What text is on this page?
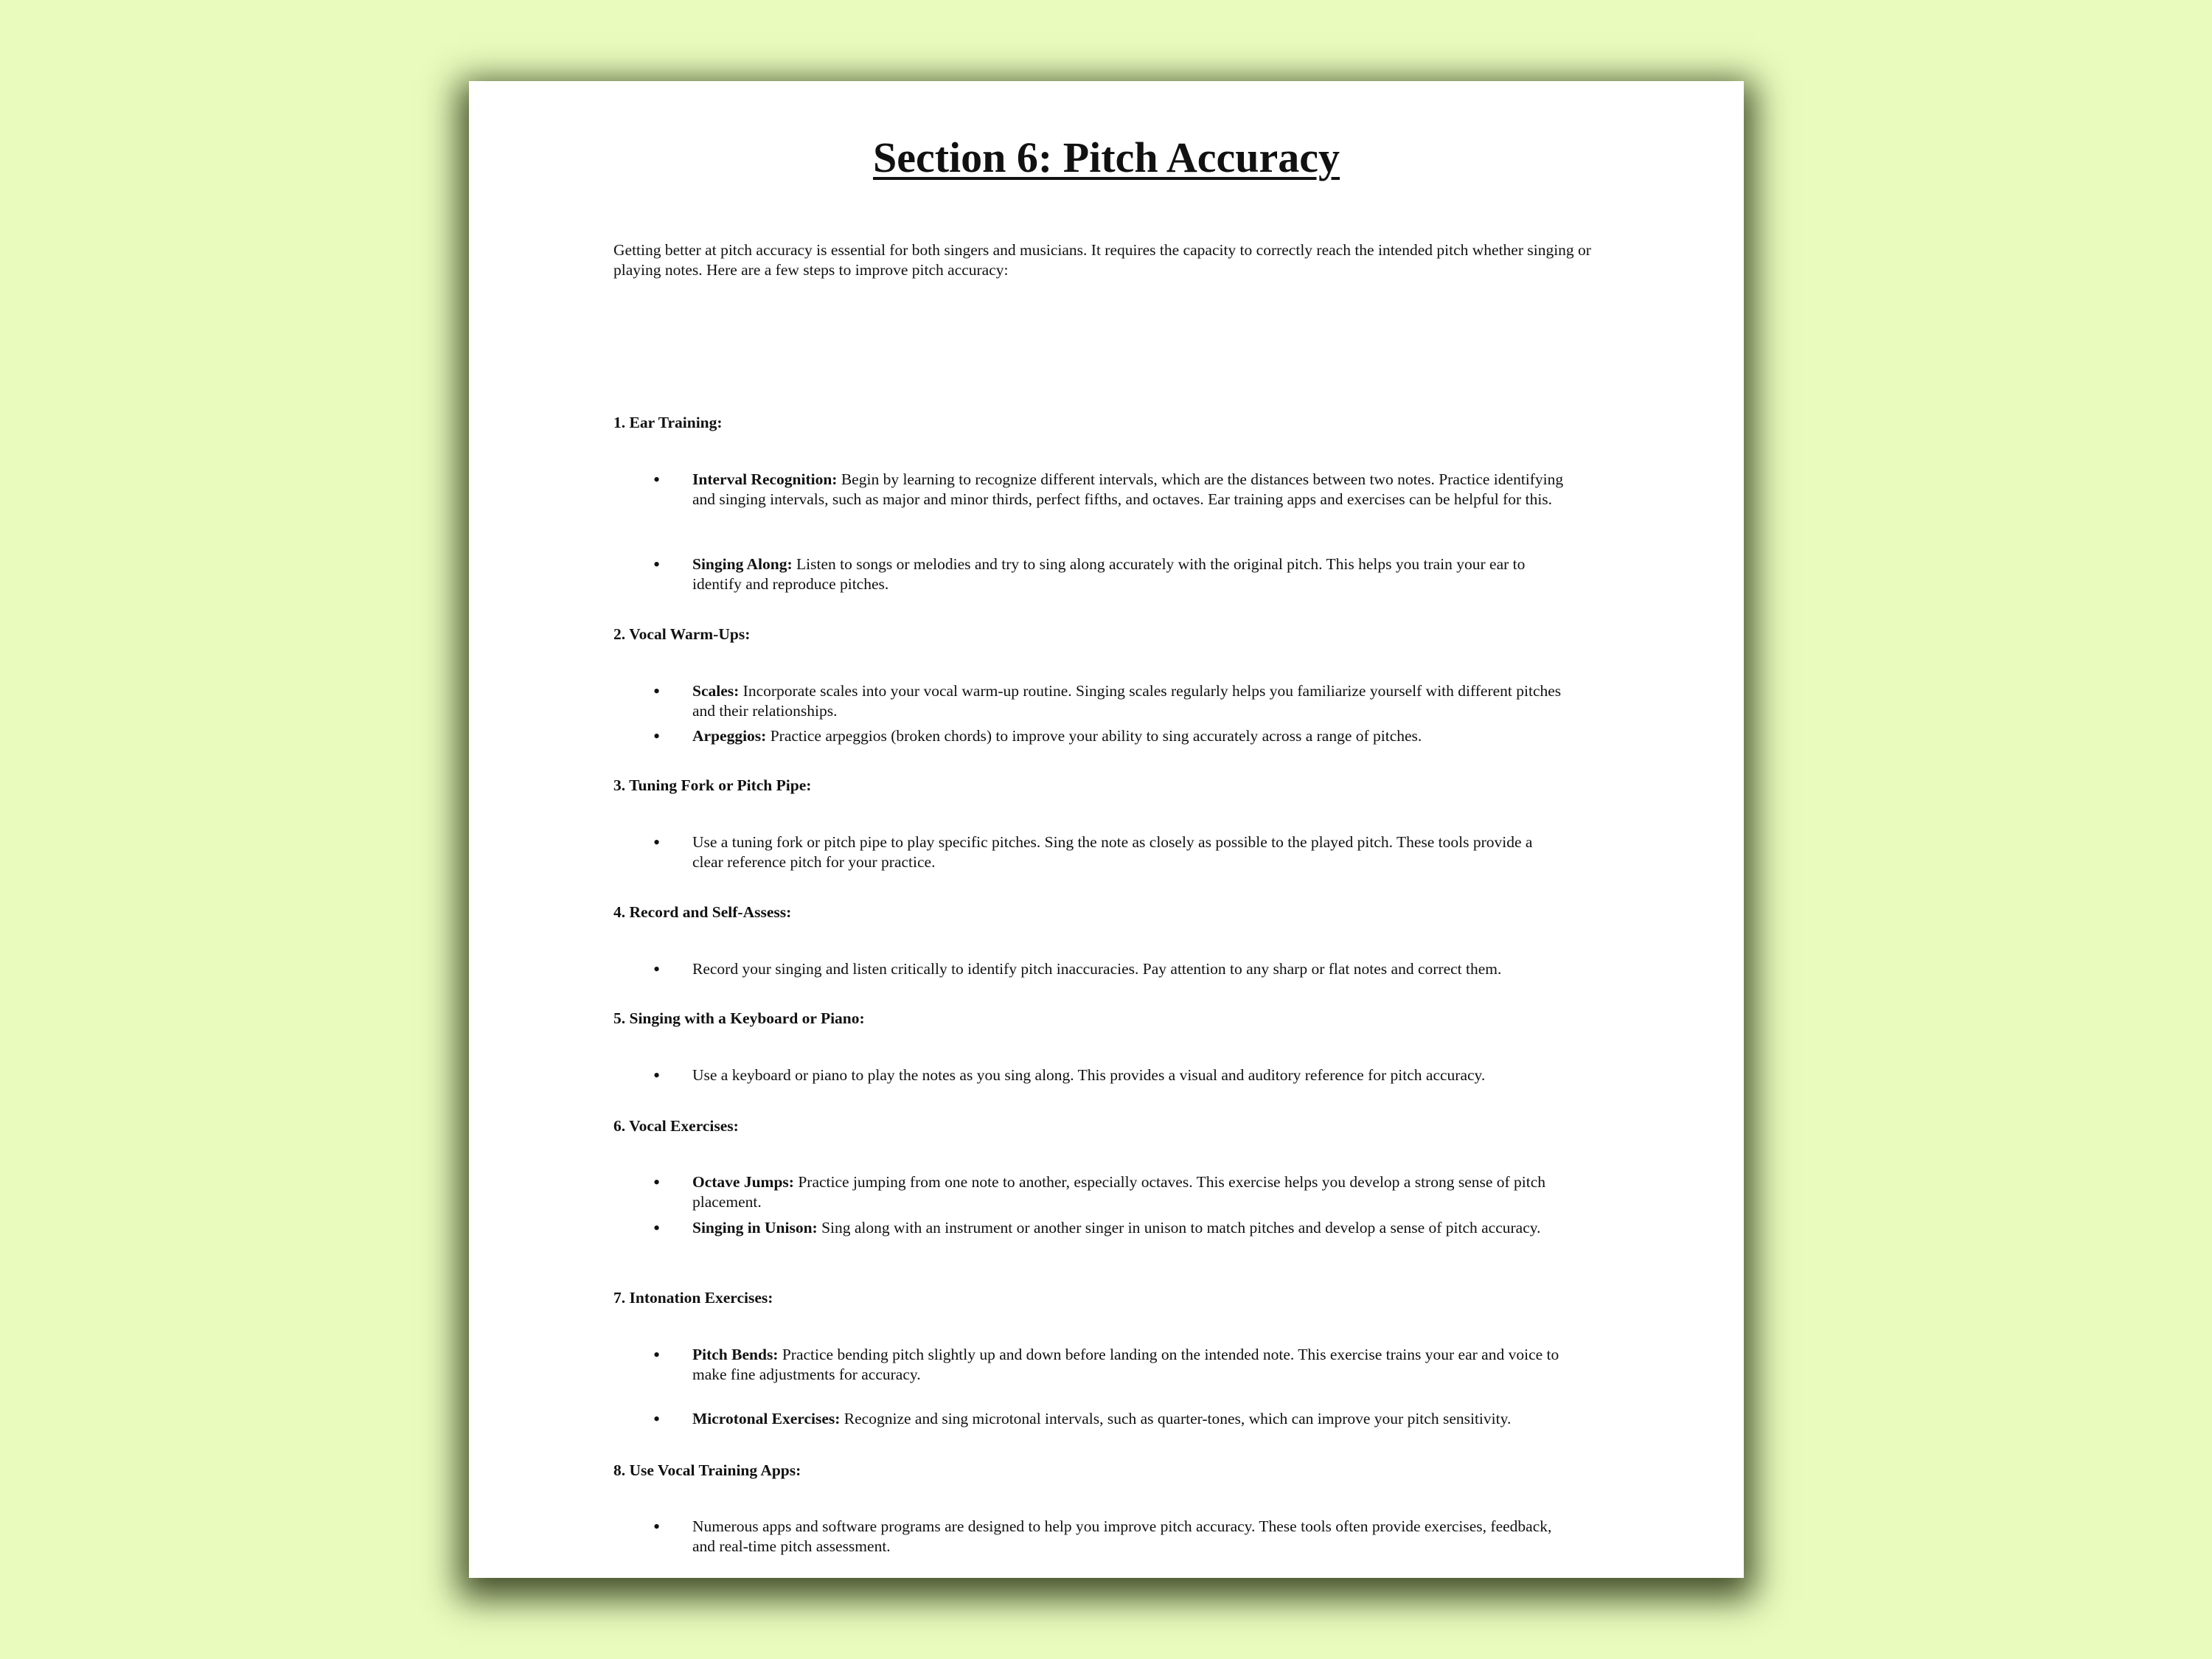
Section 6: Pitch Accuracy

Getting better at pitch accuracy is essential for both singers and musicians. It requires the capacity to correctly reach the intended pitch whether singing or playing notes. Here are a few steps to improve pitch accuracy:

1. Ear Training:

• Interval Recognition: Begin by learning to recognize different intervals, which are the distances between two notes. Practice identifying and singing intervals, such as major and minor thirds, perfect fifths, and octaves. Ear training apps and exercises can be helpful for this.

• Singing Along: Listen to songs or melodies and try to sing along accurately with the original pitch. This helps you train your ear to identify and reproduce pitches.

2. Vocal Warm-Ups:

• Scales: Incorporate scales into your vocal warm-up routine. Singing scales regularly helps you familiarize yourself with different pitches and their relationships.

• Arpeggios: Practice arpeggios (broken chords) to improve your ability to sing accurately across a range of pitches.

3. Tuning Fork or Pitch Pipe:

• Use a tuning fork or pitch pipe to play specific pitches. Sing the note as closely as possible to the played pitch. These tools provide a clear reference pitch for your practice.

4. Record and Self-Assess:

• Record your singing and listen critically to identify pitch inaccuracies. Pay attention to any sharp or flat notes and correct them.

5. Singing with a Keyboard or Piano:

• Use a keyboard or piano to play the notes as you sing along. This provides a visual and auditory reference for pitch accuracy.

6. Vocal Exercises:

• Octave Jumps: Practice jumping from one note to another, especially octaves. This exercise helps you develop a strong sense of pitch placement.

• Singing in Unison: Sing along with an instrument or another singer in unison to match pitches and develop a sense of pitch accuracy.

7. Intonation Exercises:

• Pitch Bends: Practice bending pitch slightly up and down before landing on the intended note. This exercise trains your ear and voice to make fine adjustments for accuracy.

• Microtonal Exercises: Recognize and sing microtonal intervals, such as quarter-tones, which can improve your pitch sensitivity.

8. Use Vocal Training Apps:

• Numerous apps and software programs are designed to help you improve pitch accuracy. These tools often provide exercises, feedback, and real-time pitch assessment.
